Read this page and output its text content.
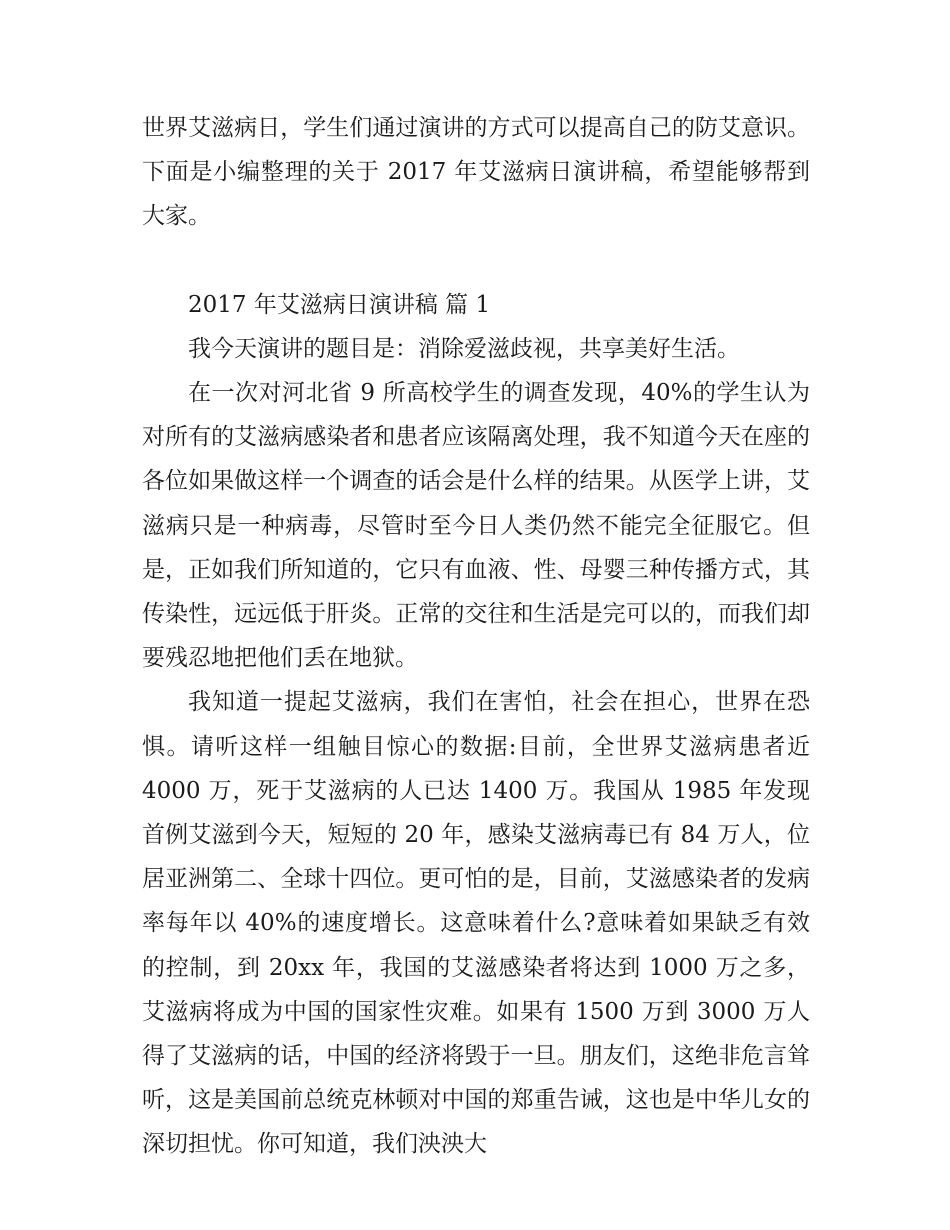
世界艾滋病日，学生们通过演讲的方式可以提高自己的防艾意识。下面是小编整理的关于 2017 年艾滋病日演讲稿，希望能够帮到大家。

2017 年艾滋病日演讲稿 篇 1

我今天演讲的题目是：消除爱滋歧视，共享美好生活。

在一次对河北省 9 所高校学生的调查发现，40%的学生认为对所有的艾滋病感染者和患者应该隔离处理，我不知道今天在座的各位如果做这样一个调查的话会是什么样的结果。从医学上讲，艾滋病只是一种病毒，尽管时至今日人类仍然不能完全征服它。但是，正如我们所知道的，它只有血液、性、母婴三种传播方式，其传染性，远远低于肝炎。正常的交往和生活是完可以的，而我们却要残忍地把他们丢在地狱。

我知道一提起艾滋病，我们在害怕，社会在担心，世界在恐惧。请听这样一组触目惊心的数据:目前，全世界艾滋病患者近 4000 万，死于艾滋病的人已达 1400 万。我国从 1985 年发现首例艾滋到今天，短短的 20 年，感染艾滋病毒已有 84 万人，位居亚洲第二、全球十四位。更可怕的是，目前，艾滋感染者的发病率每年以 40%的速度增长。这意味着什么?意味着如果缺乏有效的控制，到 20xx 年，我国的艾滋感染者将达到 1000 万之多，艾滋病将成为中国的国家性灾难。如果有 1500 万到 3000 万人得了艾滋病的话，中国的经济将毁于一旦。朋友们，这绝非危言耸听，这是美国前总统克林顿对中国的郑重告诫，这也是中华儿女的深切担忧。你可知道，我们泱泱大
